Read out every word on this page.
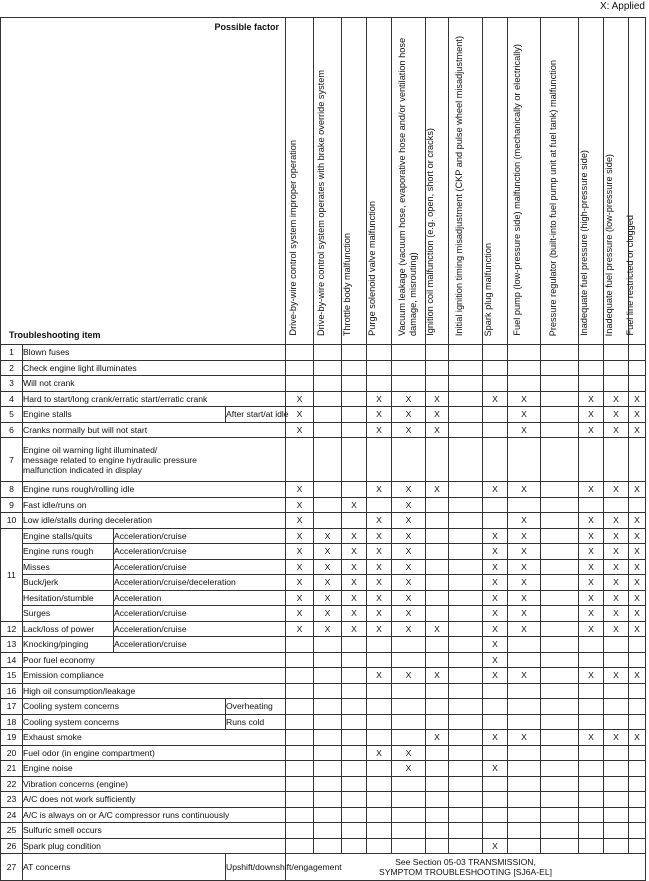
X: Applied
Possible factor
Troubleshooting item				Drive-by-wire control system improper operation	Drive-by-wire control system operates with brake override system	Throttle body malfunction	Purge solenoid valve malfunction	Vacuum leakage (vacuum hose, evaporative hose and/or ventilation hose damage, misrouting)	Ignition coil malfunction (e.g. open, short or cracks)	Initial ignition timing misadjustment (CKP and pulse wheel misadjustment)	Spark plug malfunction	Fuel pump (low-pressure side) malfunction (mechanically or electrically)	Pressure regulator (built-into fuel pump unit at fuel tank) malfunction	Inadequate fuel pressure (high-pressure side)	Inadequate fuel pressure (low-pressure side)	Fuel line restricted or clogged

1	Blown fuses															
2	Check engine light illuminates															
3	Will not crank															
4	Hard to start/long crank/erratic start/erratic crank			X			X	X	X		X	X		X	X	X
5	Engine stalls		After start/at idle	X			X	X	X			X		X	X	X
6	Cranks normally but will not start			X			X	X	X			X		X	X	X
7	Engine oil warning light illuminated/
message related to engine hydraulic pressure
malfunction indicated in display															
8	Engine runs rough/rolling idle			X			X	X	X		X	X		X	X	X
9	Fast idle/runs on			X		X		X								
10	Low idle/stalls during deceleration			X			X	X				X		X	X	X
11	Engine stalls/quits	Acceleration/cruise		X	X	X	X	X			X	X		X	X	X
	Engine runs rough	Acceleration/cruise		X	X	X	X	X			X	X		X	X	X
	Misses	Acceleration/cruise		X	X	X	X	X			X	X		X	X	X
	Buck/jerk	Acceleration/cruise/deceleration		X	X	X	X	X			X	X		X	X	X
	Hesitation/stumble	Acceleration		X	X	X	X	X			X	X		X	X	X
	Surges	Acceleration/cruise		X	X	X	X	X			X	X		X	X	X
12	Lack/loss of power	Acceleration/cruise		X	X	X	X	X	X		X	X		X	X	X
13	Knocking/pinging	Acceleration/cruise									X					
14	Poor fuel economy										X					
15	Emission compliance						X	X	X		X	X		X	X	X
16	High oil consumption/leakage															
17	Cooling system concerns		Overheating													
18	Cooling system concerns		Runs cold													
19	Exhaust smoke								X		X	X		X	X	X
20	Fuel odor (in engine compartment)						X	X								
21	Engine noise							X			X					
22	Vibration concerns (engine)															
23	A/C does not work sufficiently															
24	A/C is always on or A/C compressor runs continuously															
25	Sulfuric smell occurs															
26	Spark plug condition										X					
27	AT concerns		Upshift/downshift/engagement	See Section 05-03 TRANSMISSION,
SYMPTOM TROUBLESHOOTING [SJ6A-EL]												
